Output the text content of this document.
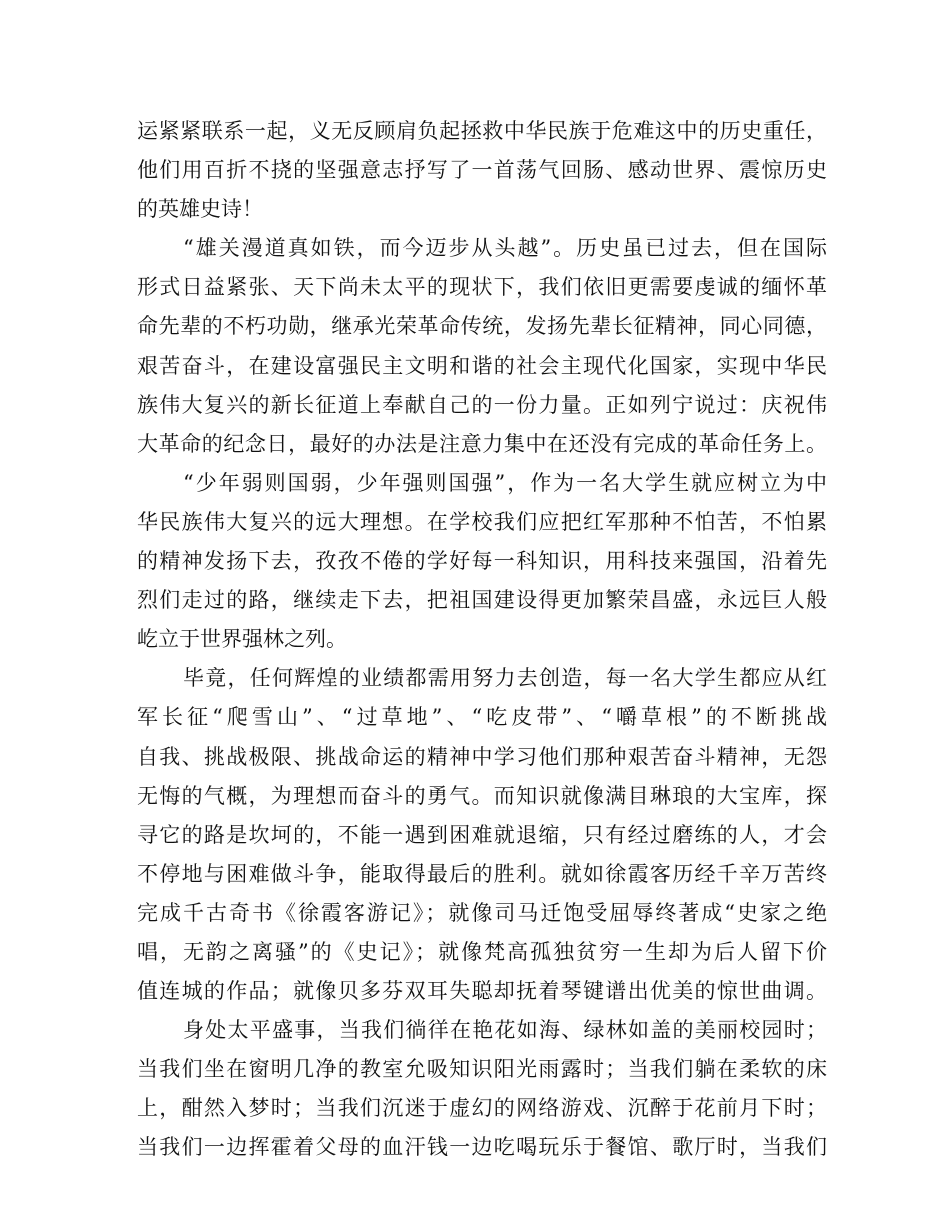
运紧紧联系一起，义无反顾肩负起拯救中华民族于危难这中的历史重任，
他们用百折不挠的坚强意志抒写了一首荡气回肠、感动世界、震惊历史
的英雄史诗！
“雄关漫道真如铁，而今迈步从头越”。历史虽已过去，但在国际
形式日益紧张、天下尚未太平的现状下，我们依旧更需要虔诚的缅怀革
命先辈的不朽功勋，继承光荣革命传统，发扬先辈长征精神，同心同德，
艰苦奋斗，在建设富强民主文明和谐的社会主现代化国家，实现中华民
族伟大复兴的新长征道上奉献自己的一份力量。正如列宁说过：庆祝伟
大革命的纪念日，最好的办法是注意力集中在还没有完成的革命任务上。
“少年弱则国弱，少年强则国强”，作为一名大学生就应树立为中
华民族伟大复兴的远大理想。在学校我们应把红军那种不怕苦，不怕累
的精神发扬下去，孜孜不倦的学好每一科知识，用科技来强国，沿着先
烈们走过的路，继续走下去，把祖国建设得更加繁荣昌盛，永远巨人般
屹立于世界强林之列。
毕竟，任何辉煌的业绩都需用努力去创造，每一名大学生都应从红
军长征“爬雪山”、“过草地”、“吃皮带”、“嚼草根”的不断挑战
自我、挑战极限、挑战命运的精神中学习他们那种艰苦奋斗精神，无怨
无悔的气概，为理想而奋斗的勇气。而知识就像满目琳琅的大宝库，探
寻它的路是坎坷的，不能一遇到困难就退缩，只有经过磨练的人，才会
不停地与困难做斗争，能取得最后的胜利。就如徐霞客历经千辛万苦终
完成千古奇书《徐霞客游记》；就像司马迁饱受屈辱终著成“史家之绝
唱，无韵之离骚”的《史记》；就像梵高孤独贫穷一生却为后人留下价
值连城的作品；就像贝多芬双耳失聪却抚着琴键谱出优美的惊世曲调。
身处太平盛事，当我们徜徉在艳花如海、绿林如盖的美丽校园时；
当我们坐在窗明几净的教室允吸知识阳光雨露时；当我们躺在柔软的床
上，酣然入梦时；当我们沉迷于虚幻的网络游戏、沉醉于花前月下时；
当我们一边挥霍着父母的血汗钱一边吃喝玩乐于餐馆、歌厅时，当我们
